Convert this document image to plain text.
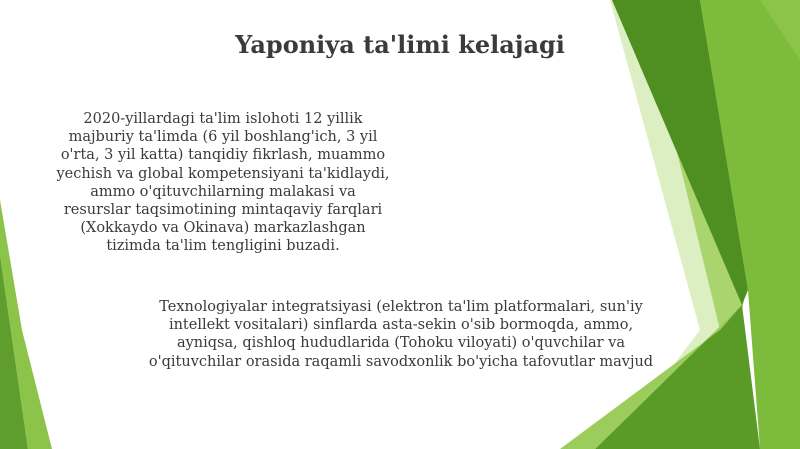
Yaponiya ta'limi kelajagi

2020-yillardagi ta'lim islohoti 12 yillik majburiy ta'limda (6 yil boshlang'ich, 3 yil o'rta, 3 yil katta) tanqidiy fikrlash, muammo yechish va global kompetensiyani ta'kidlaydi, ammo o'qituvchilarning malakasi va resurslar taqsimotining mintaqaviy farqlari (Xokkaydo va Okinava) markazlashgan tizimda ta'lim tengligini buzadi.

Texnologiyalar integratsiyasi (elektron ta'lim platformalari, sun'iy intellekt vositalari) sinflarda asta-sekin o'sib bormoqda, ammo, ayniqsa, qishloq hududlarida (Tohoku viloyati) o'quvchilar va o'qituvchilar orasida raqamli savodxonlik bo'yicha tafovutlar mavjud
